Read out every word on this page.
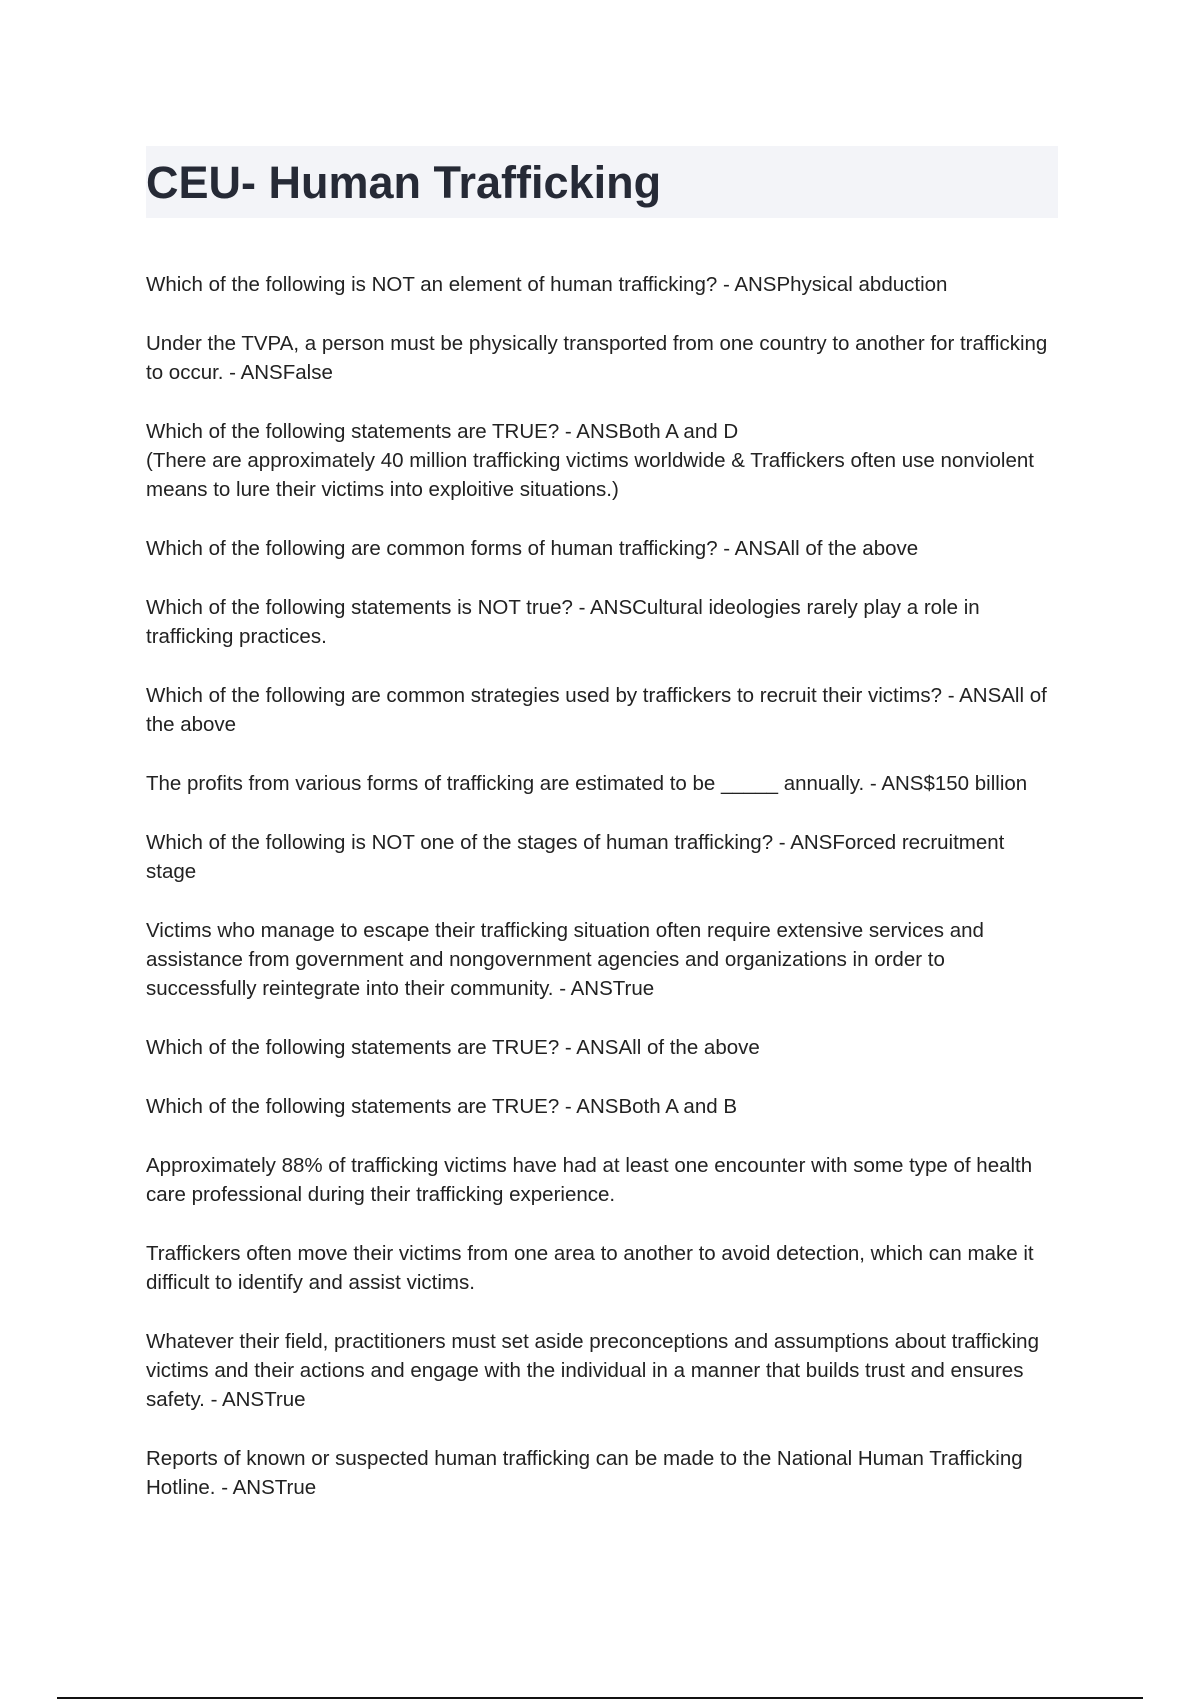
CEU- Human Trafficking

Which of the following is NOT an element of human trafficking? - ANSPhysical abduction

Under the TVPA, a person must be physically transported from one country to another for trafficking to occur. - ANSFalse

Which of the following statements are TRUE? - ANSBoth A and D
(There are approximately 40 million trafficking victims worldwide & Traffickers often use nonviolent means to lure their victims into exploitive situations.)

Which of the following are common forms of human trafficking? - ANSAll of the above

Which of the following statements is NOT true? - ANSCultural ideologies rarely play a role in trafficking practices.

Which of the following are common strategies used by traffickers to recruit their victims? - ANSAll of the above

The profits from various forms of trafficking are estimated to be _____ annually. - ANS$150 billion

Which of the following is NOT one of the stages of human trafficking? - ANSForced recruitment stage

Victims who manage to escape their trafficking situation often require extensive services and assistance from government and nongovernment agencies and organizations in order to successfully reintegrate into their community. - ANSTrue

Which of the following statements are TRUE? - ANSAll of the above

Which of the following statements are TRUE? - ANSBoth A and B

Approximately 88% of trafficking victims have had at least one encounter with some type of health care professional during their trafficking experience.

Traffickers often move their victims from one area to another to avoid detection, which can make it difficult to identify and assist victims.

Whatever their field, practitioners must set aside preconceptions and assumptions about trafficking victims and their actions and engage with the individual in a manner that builds trust and ensures safety. - ANSTrue

Reports of known or suspected human trafficking can be made to the National Human Trafficking Hotline. - ANSTrue
